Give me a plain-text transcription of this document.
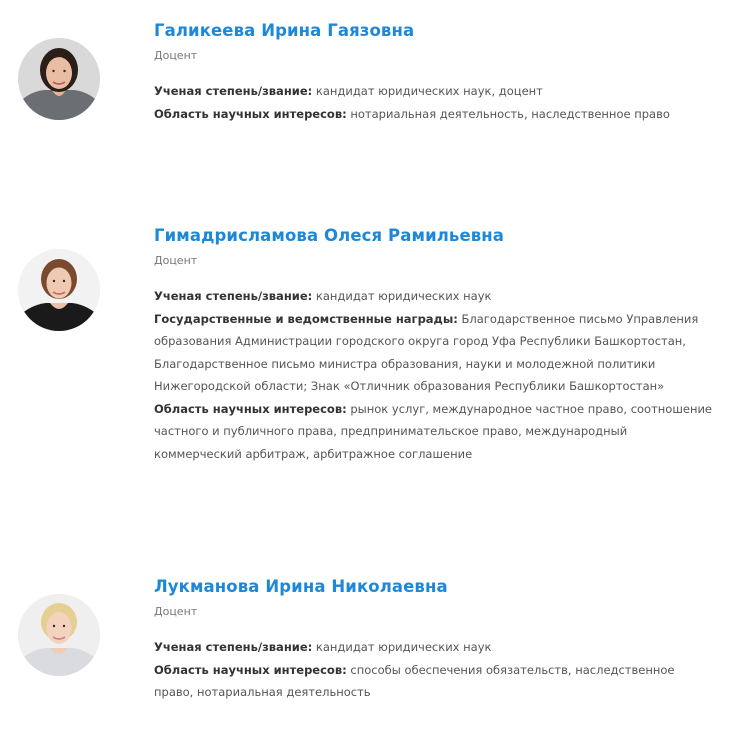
Галикеева Ирина Гаязовна
Доцент
Ученая степень/звание: кандидат юридических наук, доцент
Область научных интересов: нотариальная деятельность, наследственное право
Гимадрисламова Олеся Рамильевна
Доцент
Ученая степень/звание: кандидат юридических наук
Государственные и ведомственные награды: Благодарственное письмо Управления образования Администрации городского округа город Уфа Республики Башкортостан, Благодарственное письмо министра образования, науки и молодежной политики Нижегородской области; Знак «Отличник образования Республики Башкортостан»
Область научных интересов: рынок услуг, международное частное право, соотношение частного и публичного права, предпринимательское право, международный коммерческий арбитраж, арбитражное соглашение
Лукманова Ирина Николаевна
Доцент
Ученая степень/звание: кандидат юридических наук
Область научных интересов: способы обеспечения обязательств, наследственное право, нотариальная деятельность
